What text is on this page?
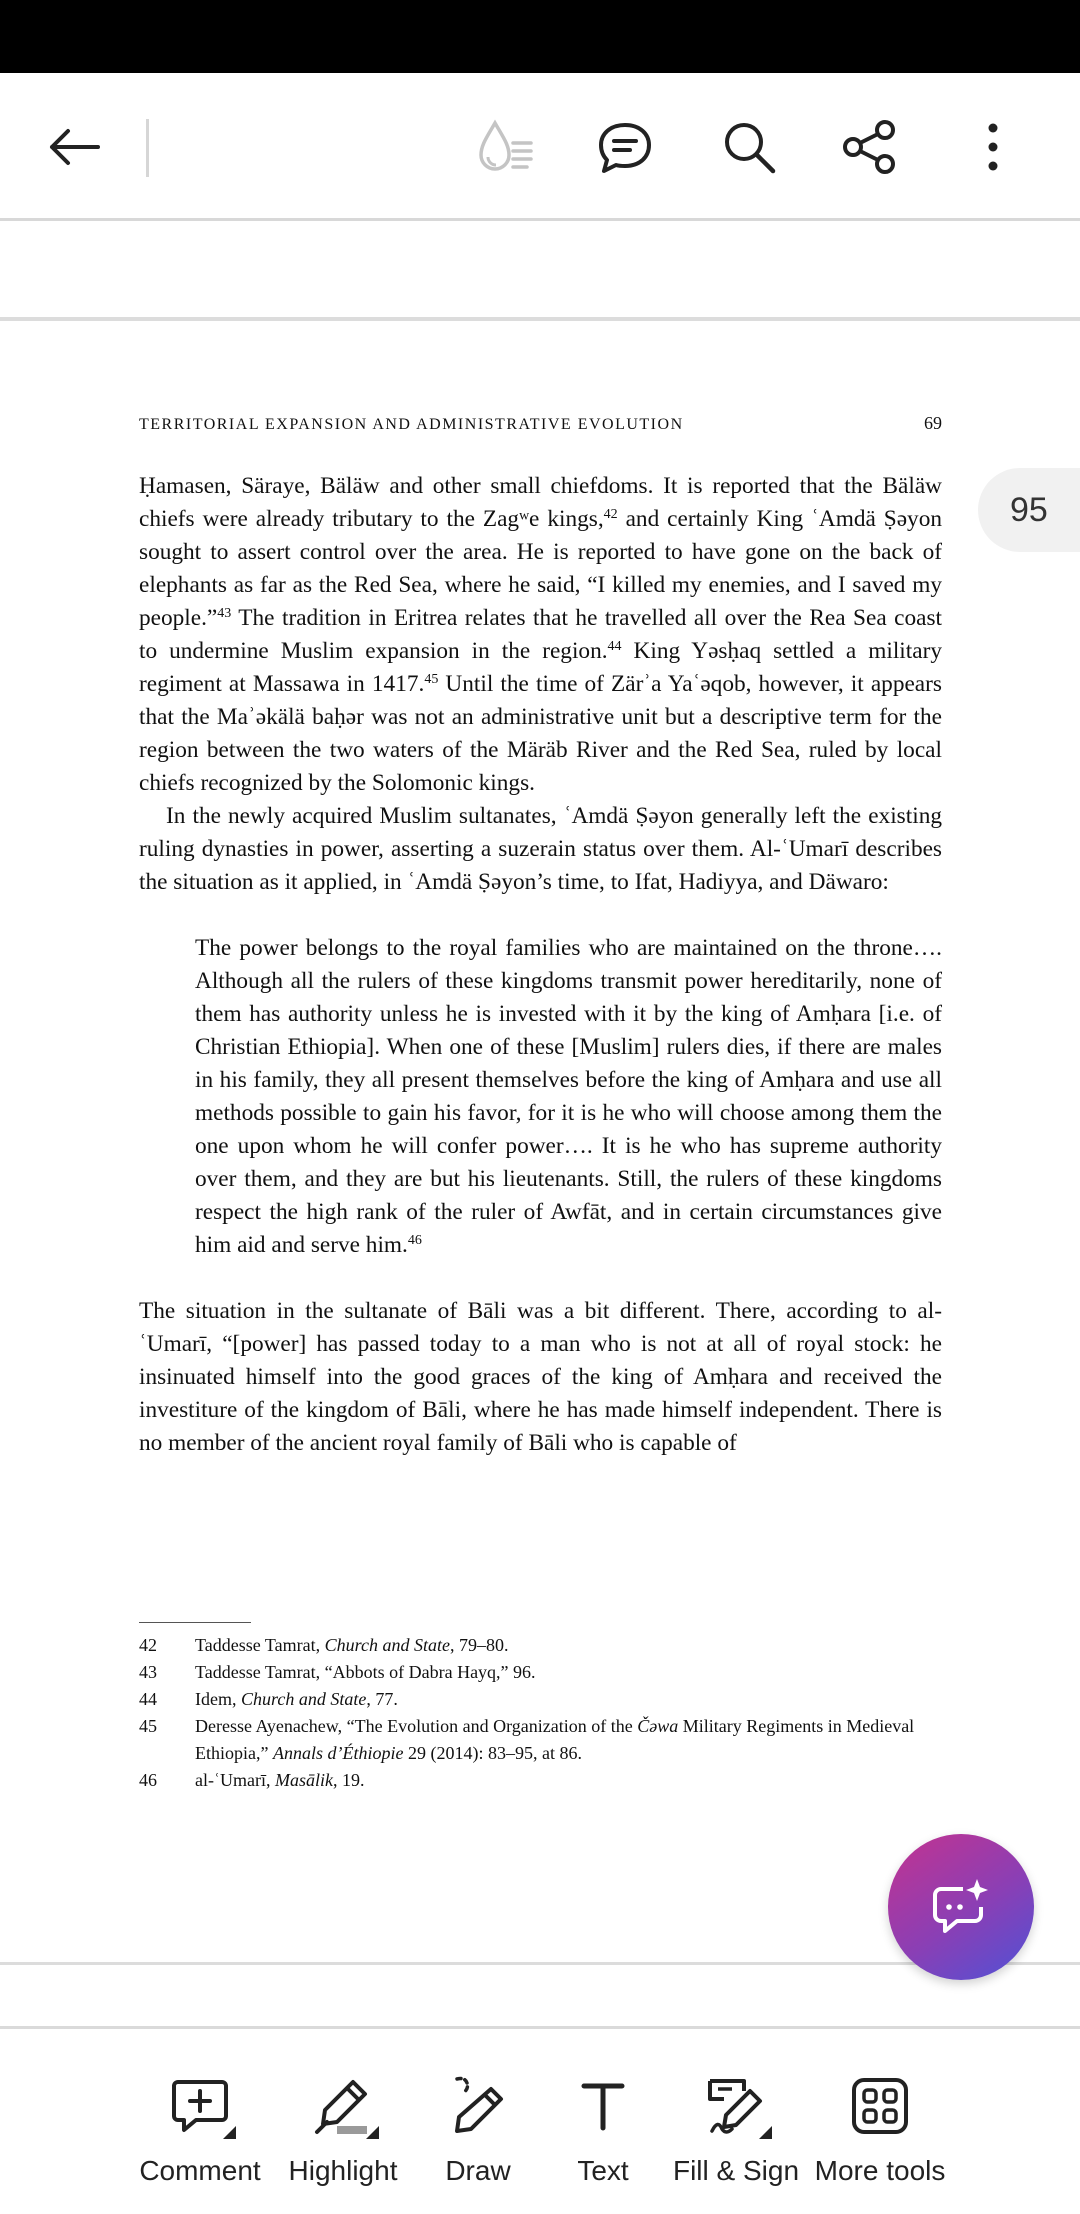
TERRITORIAL EXPANSION AND ADMINISTRATIVE EVOLUTION	69

Ḥamasen, Säraye, Bäläw and other small chiefdoms. It is reported that the Bäläw chiefs were already tributary to the Zagʷe kings,$^{42}$ and certainly King ʿAmdä Ṣəyon sought to assert control over the area. He is reported to have gone on the back of elephants as far as the Red Sea, where he said, “I killed my enemies, and I saved my people.”$^{43}$ The tradition in Eritrea relates that he travelled all over the Rea Sea coast to undermine Muslim expansion in the region.$^{44}$ King Yəsḥaq settled a military regiment at Massawa in 1417.45 Until the time of Zärʾa Yaʿəqob, however, it appears that the Maʾəkälä baḥər was not an administrative unit but a descriptive term for the region between the two waters of the Märäb River and the Red Sea, ruled by local chiefs recognized by the Solomonic kings.

In the newly acquired Muslim sultanates, ʿAmdä Ṣəyon generally left the existing ruling dynasties in power, asserting a suzerain status over them. Al-ʿUmarī describes the situation as it applied, in ʿAmdä Ṣəyon’s time, to Ifat, Hadiyya, and Däwaro:

The power belongs to the royal families who are maintained on the throne…. Although all the rulers of these kingdoms transmit power hereditarily, none of them has authority unless he is invested with it by the king of Amḥara [i.e. of Christian Ethiopia]. When one of these [Muslim] rulers dies, if there are males in his family, they all present themselves before the king of Amḥara and use all methods possible to gain his favor, for it is he who will choose among them the one upon whom he will confer power…. It is he who has supreme authority over them, and they are but his lieutenants. Still, the rulers of these kingdoms respect the high rank of the ruler of Awfāt, and in certain circumstances give him aid and serve him.$^{46}$

The situation in the sultanate of Bāli was a bit different. There, according to al-ʿUmarī, “[power] has passed today to a man who is not at all of royal stock: he insinuated himself into the good graces of the king of Amḥara and received the investiture of the kingdom of Bāli, where he has made himself independent. There is no member of the ancient royal family of Bāli who is capable of

42	Taddesse Tamrat, Church and State, 79–80.
43	Taddesse Tamrat, “Abbots of Dabra Hayq,” 96.
44	Idem, Church and State, 77.
45	Deresse Ayenachew, “The Evolution and Organization of the Čǝwa Military Regiments in Medieval Ethiopia,” Annals d’Éthiopie 29 (2014): 83–95, at 86.
46	al-ʿUmarī, Masālik, 19.
95
Comment Highlight Draw Text Fill & Sign More tools
